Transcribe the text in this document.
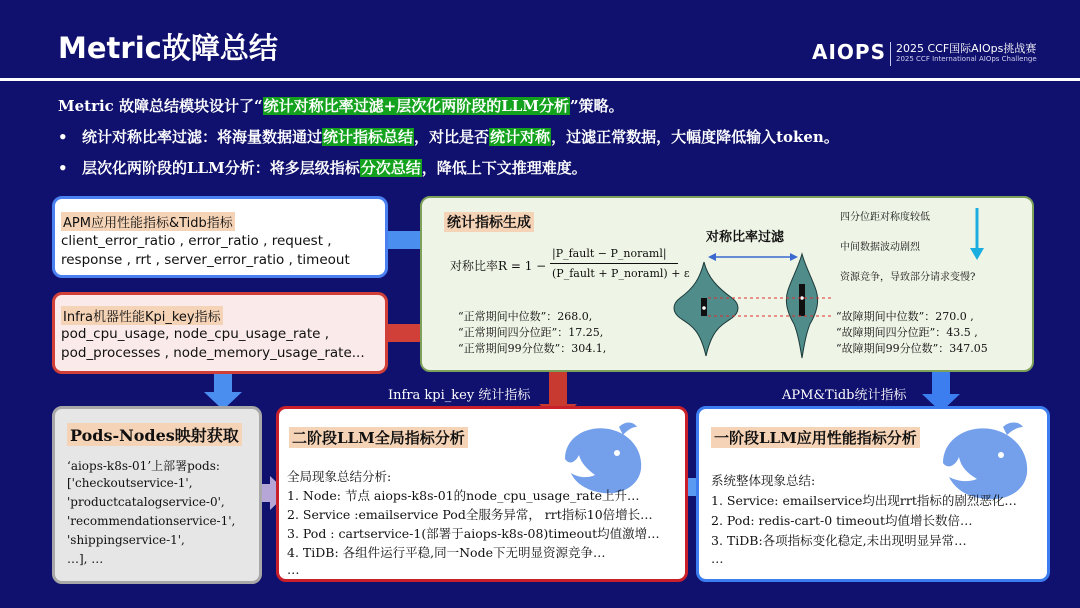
Metric故障总结	AIOPS 2025 CCF国际AIOps挑战赛
2025 CCF International AIOps Challenge
Metric 故障总结模块设计了“统计对称比率过滤+层次化两阶段的LLM分析”策略。
• 统计对称比率过滤：将海量数据通过统计指标总结，对比是否统计对称，过滤正常数据，大幅度降低输入token。
• 层次化两阶段的LLM分析：将多层级指标分次总结，降低上下文推理难度。
APM应用性能指标&Tidb指标
client_error_ratio , error_ratio , request ,
response , rrt , server_error_ratio , timeout
Infra机器性能Kpi_key指标
pod_cpu_usage, node_cpu_usage_rate ,
pod_processes , node_memory_usage_rate...
统计指标生成
对称比率R = 1 −
|P_fault − P_noraml|
(P_fault + P_noraml) + ε
对称比率过滤
“正常期间中位数”：268.0,
“正常期间四分位距”：17.25,
“正常期间99分位数”：304.1,
“故障期间中位数”：270.0 ,
“故障期间四分位距”：43.5 ,
“故障期间99分位数”：347.05
四分位距对称度较低
中间数据波动剧烈
资源竞争，导致部分请求变慢?
Infra kpi_key 统计指标	APM&Tidb统计指标
Pods-Nodes映射获取
‘aiops-k8s-01’上部署pods:
['checkoutservice-1',
'productcatalogservice-0',
'recommendationservice-1',
'shippingservice-1',
…], …
二阶段LLM全局指标分析
全局现象总结分析:
1. Node: 节点 aiops-k8s-01的node_cpu_usage_rate上升…
2. Service :emailservice Pod全服务异常， rrt指标10倍增长…
3. Pod : cartservice-1(部署于aiops-k8s-08)timeout均值激增…
4. TiDB: 各组件运行平稳,同一Node下无明显资源竞争…
…
一阶段LLM应用性能指标分析
系统整体现象总结:
1. Service: emailservice均出现rrt指标的剧烈恶化…
2. Pod: redis-cart-0 timeout均值增长数倍…
3. TiDB:各项指标变化稳定,未出现明显异常…
…
